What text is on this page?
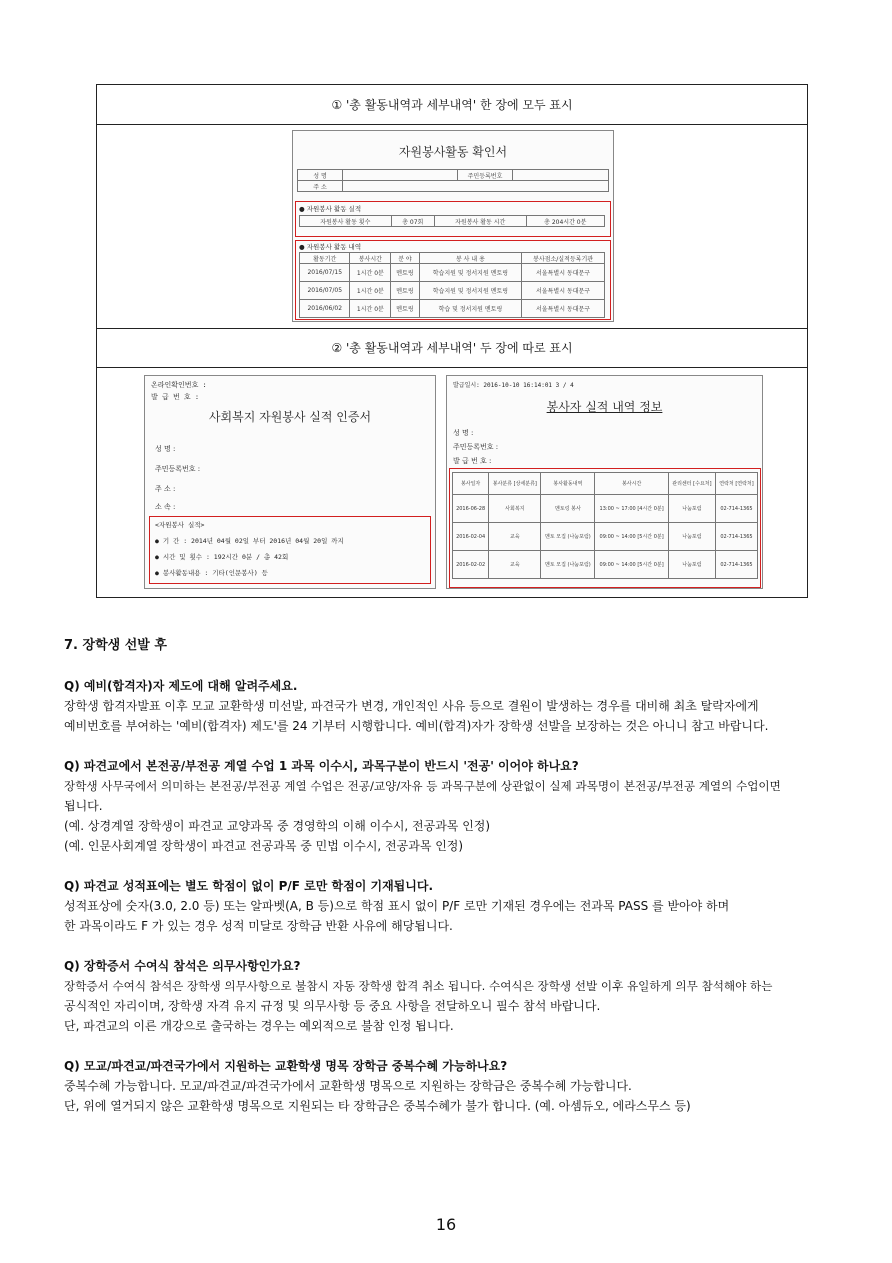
① '총 활동내역과 세부내역' 한 장에 모두 표시
자원봉사활동 확인서
성 명		주민등록번호	
주 소			
● 자원봉사 활동 실적
자원봉사 활동 횟수	총 07회	자원봉사 활동 시간	총 204시간 0분
● 자원봉사 활동 내역
활동기간	봉사시간	분 야	봉 사 내 용	봉사점소/실적등록기관
2016/07/15	1시간 0분	멘토링	학습지원 및 정서지원 멘토링	서울특별시 동대문구
2016/07/05	1시간 0분	멘토링	학습지원 및 정서지원 멘토링	서울특별시 동대문구
2016/06/02	1시간 0분	멘토링	학습 및 정서지원 멘토링	서울특별시 동대문구
② '총 활동내역과 세부내역' 두 장에 따로 표시
온라인확인번호 :
발 급 번 호 :
사회복지 자원봉사 실적 인증서
성 명 :
주민등록번호 :
주 소 :
소 속 :
<자원봉사 실적>
● 기 간 : 2014년 04월 02일 부터 2016년 04월 20일 까지
● 시간 및 횟수 : 192시간 0분 / 총 42회
● 봉사활동내용 : 기타(인문봉사) 등
발급일시: 2016-10-10 16:14:01 3 / 4
봉사자 실적 내역 정보
성 명 :
주민등록번호 :
발 급 번 호 :
봉사일자	봉사분류 [상세분류]	봉사활동내역	봉사시간	관리센터 [수요처]	연락처 [연락처]
2016-06-28	사회복지	멘토링 봉사	13:00 ~ 17:00 [4시간 0분]	나눔포럼	02-714-1365
2016-02-04	교육	멘토 모집 (나눔포럼)	09:00 ~ 14:00 [5시간 0분]	나눔포럼	02-714-1365
2016-02-02	교육	멘토 모집 (나눔포럼)	09:00 ~ 14:00 [5시간 0분]	나눔포럼	02-714-1365
7. 장학생 선발 후

Q) 예비(합격자)자 제도에 대해 알려주세요.

장학생 합격자발표 이후 모교 교환학생 미선발, 파견국가 변경, 개인적인 사유 등으로 결원이 발생하는 경우를 대비해 최초 탈락자에게

예비번호를 부여하는 '예비(합격자) 제도'를 24 기부터 시행합니다. 예비(합격)자가 장학생 선발을 보장하는 것은 아니니 참고 바랍니다.

Q) 파견교에서 본전공/부전공 계열 수업 1 과목 이수시, 과목구분이 반드시 '전공' 이어야 하나요?

장학생 사무국에서 의미하는 본전공/부전공 계열 수업은 전공/교양/자유 등 과목구분에 상관없이 실제 과목명이 본전공/부전공 계열의 수업이면

됩니다.

(예. 상경계열 장학생이 파견교 교양과목 중 경영학의 이해 이수시, 전공과목 인정)

(예. 인문사회계열 장학생이 파견교 전공과목 중 민법 이수시, 전공과목 인정)

Q) 파견교 성적표에는 별도 학점이 없이 P/F 로만 학점이 기재됩니다.

성적표상에 숫자(3.0, 2.0 등) 또는 알파벳(A, B 등)으로 학점 표시 없이 P/F 로만 기재된 경우에는 전과목 PASS 를 받아야 하며

한 과목이라도 F 가 있는 경우 성적 미달로 장학금 반환 사유에 해당됩니다.

Q) 장학증서 수여식 참석은 의무사항인가요?

장학증서 수여식 참석은 장학생 의무사항으로 불참시 자동 장학생 합격 취소 됩니다. 수여식은 장학생 선발 이후 유일하게 의무 참석해야 하는

공식적인 자리이며, 장학생 자격 유지 규정 및 의무사항 등 중요 사항을 전달하오니 필수 참석 바랍니다.

단, 파견교의 이른 개강으로 출국하는 경우는 예외적으로 불참 인정 됩니다.

Q) 모교/파견교/파견국가에서 지원하는 교환학생 명목 장학금 중복수혜 가능하나요?

중복수혜 가능합니다. 모교/파견교/파견국가에서 교환학생 명목으로 지원하는 장학금은 중복수혜 가능합니다.

단, 위에 열거되지 않은 교환학생 명목으로 지원되는 타 장학금은 중복수혜가 불가 합니다. (예. 아셈듀오, 에라스무스 등)

16
